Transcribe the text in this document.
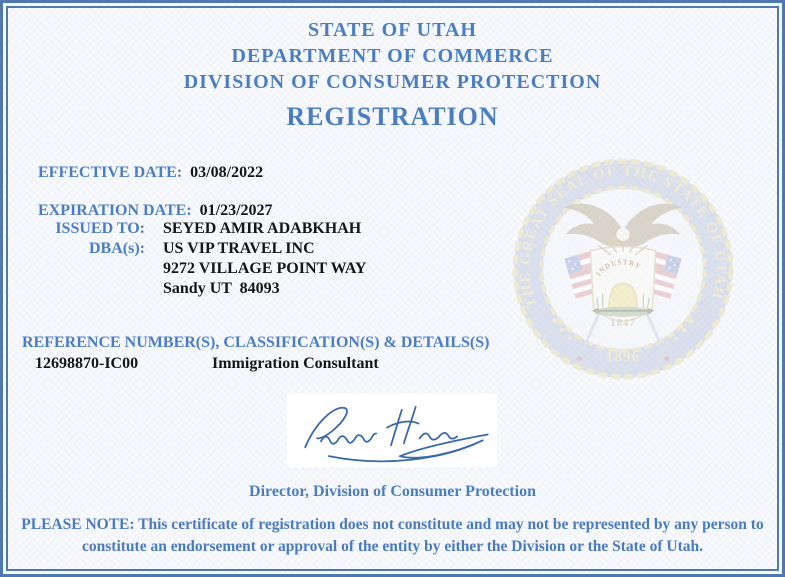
STATE OF UTAH
DEPARTMENT OF COMMERCE
DIVISION OF CONSUMER PROTECTION
REGISTRATION

EFFECTIVE DATE: 03/08/2022

EXPIRATION DATE: 01/23/2027

ISSUED TO: SEYED AMIR ADABKHAH
DBA(s): US VIP TRAVEL INC
9272 VILLAGE POINT WAY
Sandy UT  84093
REFERENCE NUMBER(S), CLASSIFICATION(S) & DETAILS(S)
12698870-IC00	Immigration Consultant
THE GREAT SEAL OF THE STATE OF UTAH
1896
INDUSTRY
1847
Director, Division of Consumer Protection
PLEASE NOTE: This certificate of registration does not constitute and may not be represented by any person to constitute an endorsement or approval of the entity by either the Division or the State of Utah.
